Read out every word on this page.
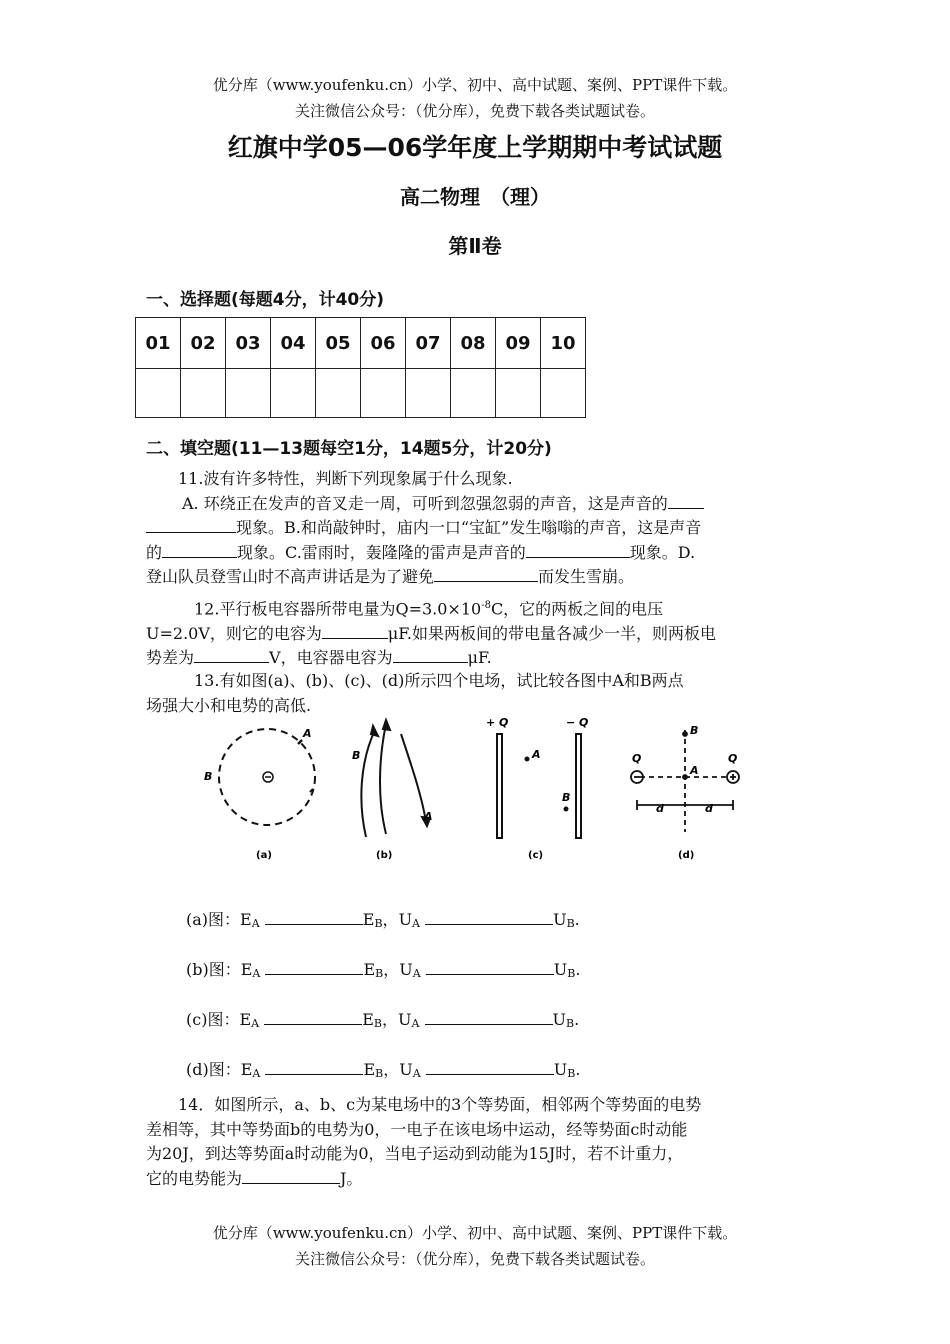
优分库（www.youfenku.cn）小学、初中、高中试题、案例、PPT课件下载。
关注微信公众号：（优分库），免费下载各类试题试卷。
红旗中学05—06学年度上学期期中考试试题
高二物理　（理）
第Ⅱ卷
一、选择题(每题4分，计40分)
01	02	03	04	05	06	07	08	09	10

二、填空题(11—13题每空1分，14题5分，计20分)
11.波有许多特性，判断下列现象属于什么现象.
A. 环绕正在发声的音叉走一周，可听到忽强忽弱的声音，这是声音的
现象。B.和尚敲钟时，庙内一口“宝缸”发生嗡嗡的声音，这是声音
的	现象。C.雷雨时，轰隆隆的雷声是声音的	现象。D.
登山队员登雪山时不高声讲话是为了避免	而发生雪崩。
12.平行板电容器所带电量为$Q=3.0\times 10^{-8}C$，它的两板之间的电压
U=2.0V，则它的电容为	μF.如果两板间的带电量各减少一半，则两板电
势差为	V，电容器电容为	μF.
13.有如图(a)、(b)、(c)、(d)所示四个电场，试比较各图中A和B两点
场强大小和电势的高低.
A
B
(a)
B
A
(b)
+ Q	− Q
A
B
(c)
B
A
Q	Q
d	d
(d)
(a)图：$E_A$	$E_B$，$U_A$	$U_B$.
(b)图：$E_A$	$E_B$，$U_A$	$U_B$.
(c)图：$E_A$	$E_B$，$U_A$	$U_B$.
(d)图：$E_A$	$E_B$，$U_A$	$U_B$.
14．如图所示，a、b、c为某电场中的3个等势面，相邻两个等势面的电势
差相等，其中等势面b的电势为0，一电子在该电场中运动，经等势面c时动能
为20J，到达等势面a时动能为0，当电子运动到动能为15J时，若不计重力，
它的电势能为	J。
优分库（www.youfenku.cn）小学、初中、高中试题、案例、PPT课件下载。
关注微信公众号：（优分库），免费下载各类试题试卷。
